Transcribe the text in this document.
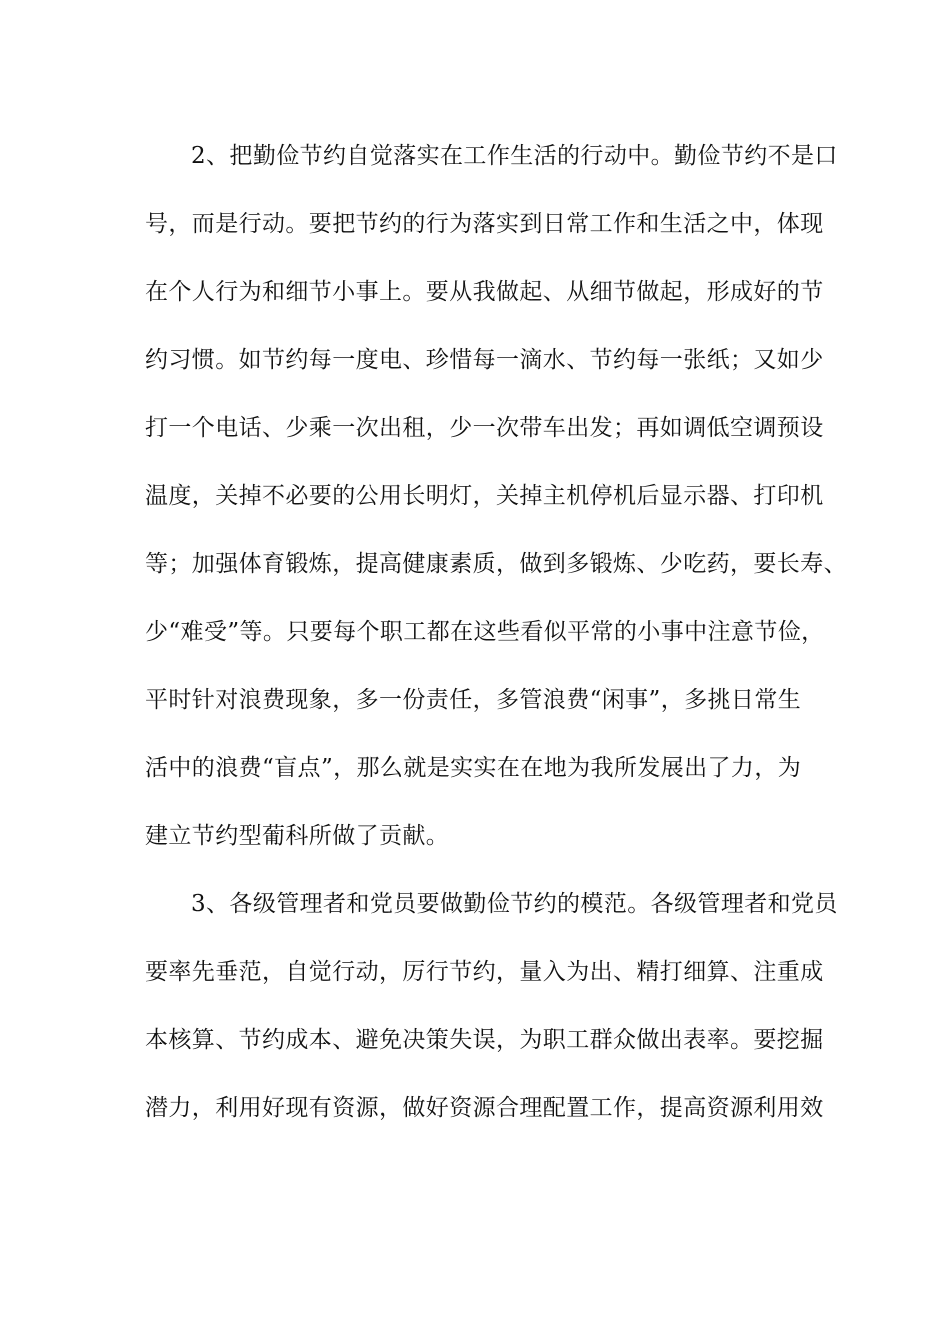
2、把勤俭节约自觉落实在工作生活的行动中。勤俭节约不是口
号，而是行动。要把节约的行为落实到日常工作和生活之中，体现
在个人行为和细节小事上。要从我做起、从细节做起，形成好的节
约习惯。如节约每一度电、珍惜每一滴水、节约每一张纸；又如少
打一个电话、少乘一次出租，少一次带车出发；再如调低空调预设
温度，关掉不必要的公用长明灯，关掉主机停机后显示器、打印机
等；加强体育锻炼，提高健康素质，做到多锻炼、少吃药，要长寿、
少“难受”等。只要每个职工都在这些看似平常的小事中注意节俭，
平时针对浪费现象，多一份责任，多管浪费“闲事”，多挑日常生
活中的浪费“盲点”，那么就是实实在在地为我所发展出了力，为
建立节约型葡科所做了贡献。
3、各级管理者和党员要做勤俭节约的模范。各级管理者和党员
要率先垂范，自觉行动，厉行节约，量入为出、精打细算、注重成
本核算、节约成本、避免决策失误，为职工群众做出表率。要挖掘
潜力，利用好现有资源，做好资源合理配置工作，提高资源利用效
